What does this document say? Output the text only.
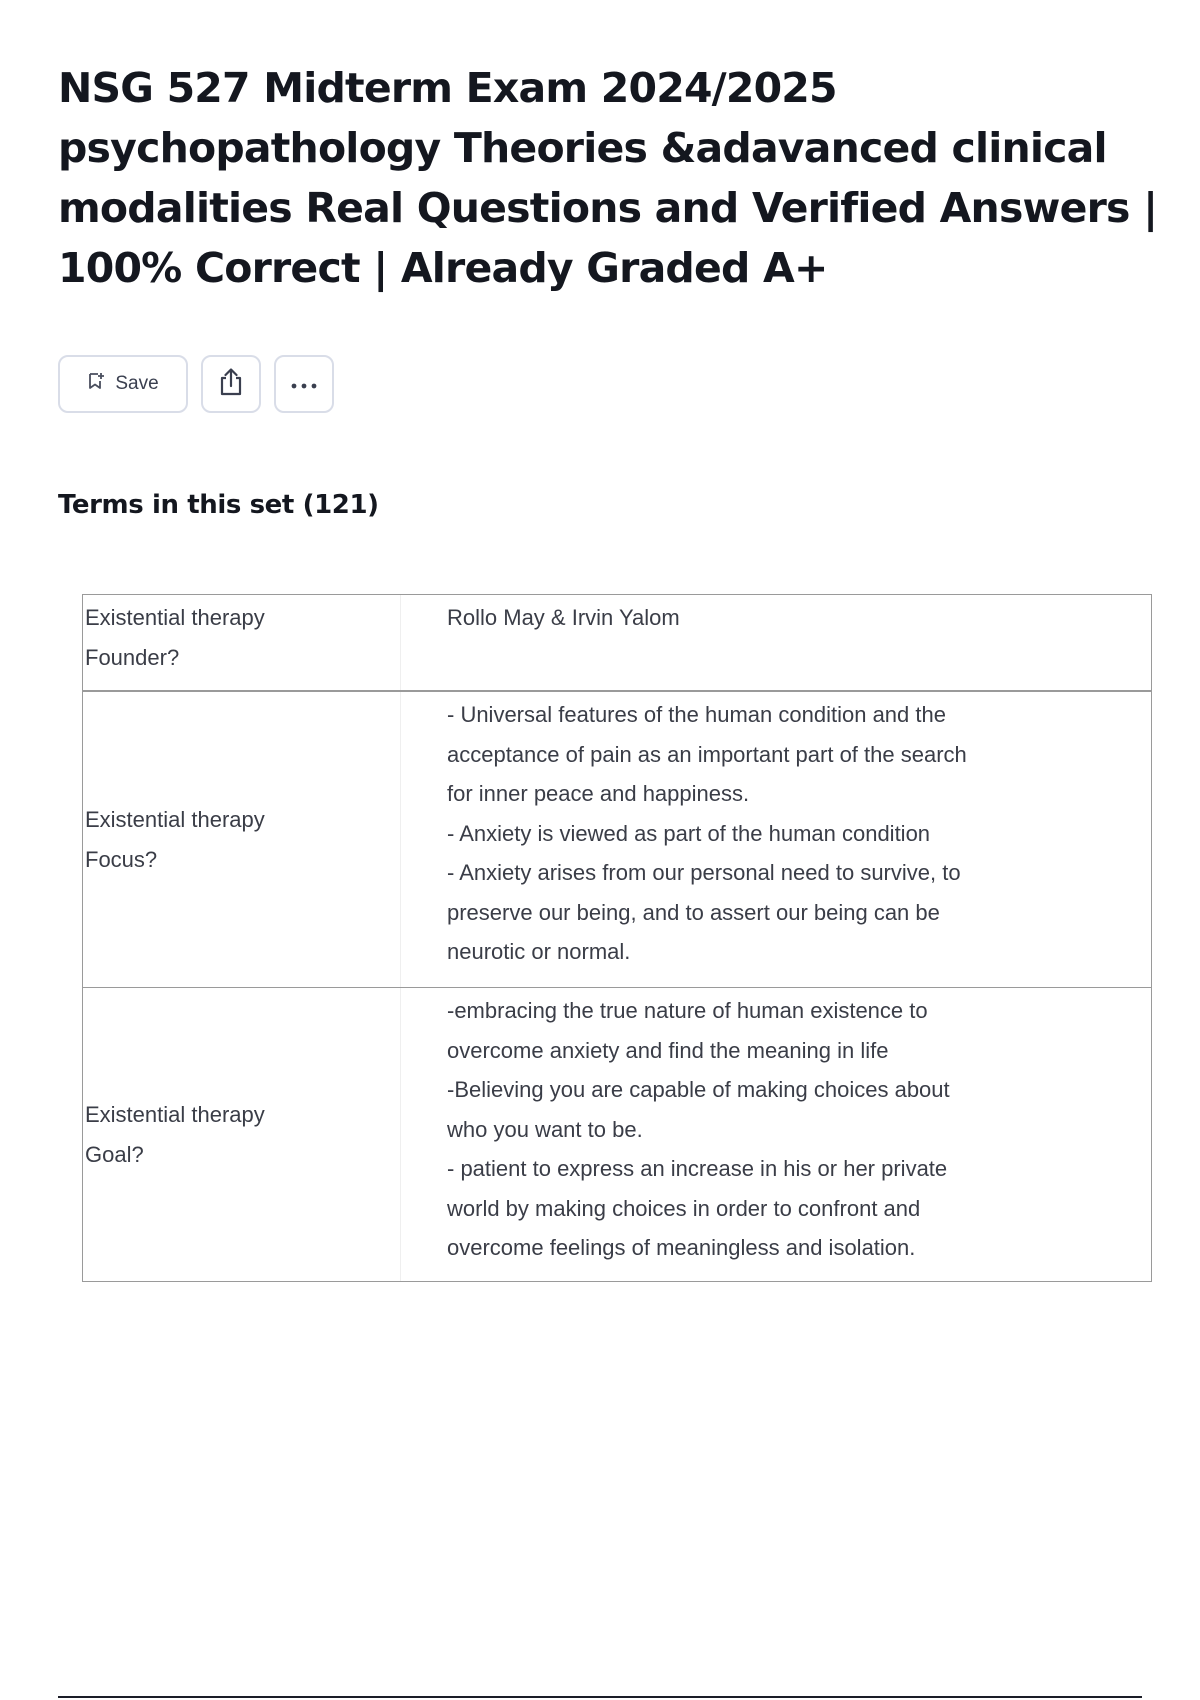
NSG 527 Midterm Exam 2024/2025 psychopathology Theories &adavanced clinical modalities Real Questions and Verified Answers | 100% Correct | Already Graded A+
Save
Terms in this set (121)
Existential therapy
Founder?
Rollo May & Irvin Yalom
Existential therapy
Focus?
- Universal features of the human condition and the
acceptance of pain as an important part of the search
for inner peace and happiness.
- Anxiety is viewed as part of the human condition
- Anxiety arises from our personal need to survive, to
preserve our being, and to assert our being can be
neurotic or normal.
Existential therapy
Goal?
-embracing the true nature of human existence to
overcome anxiety and find the meaning in life
-Believing you are capable of making choices about
who you want to be.
- patient to express an increase in his or her private
world by making choices in order to confront and
overcome feelings of meaningless and isolation.
